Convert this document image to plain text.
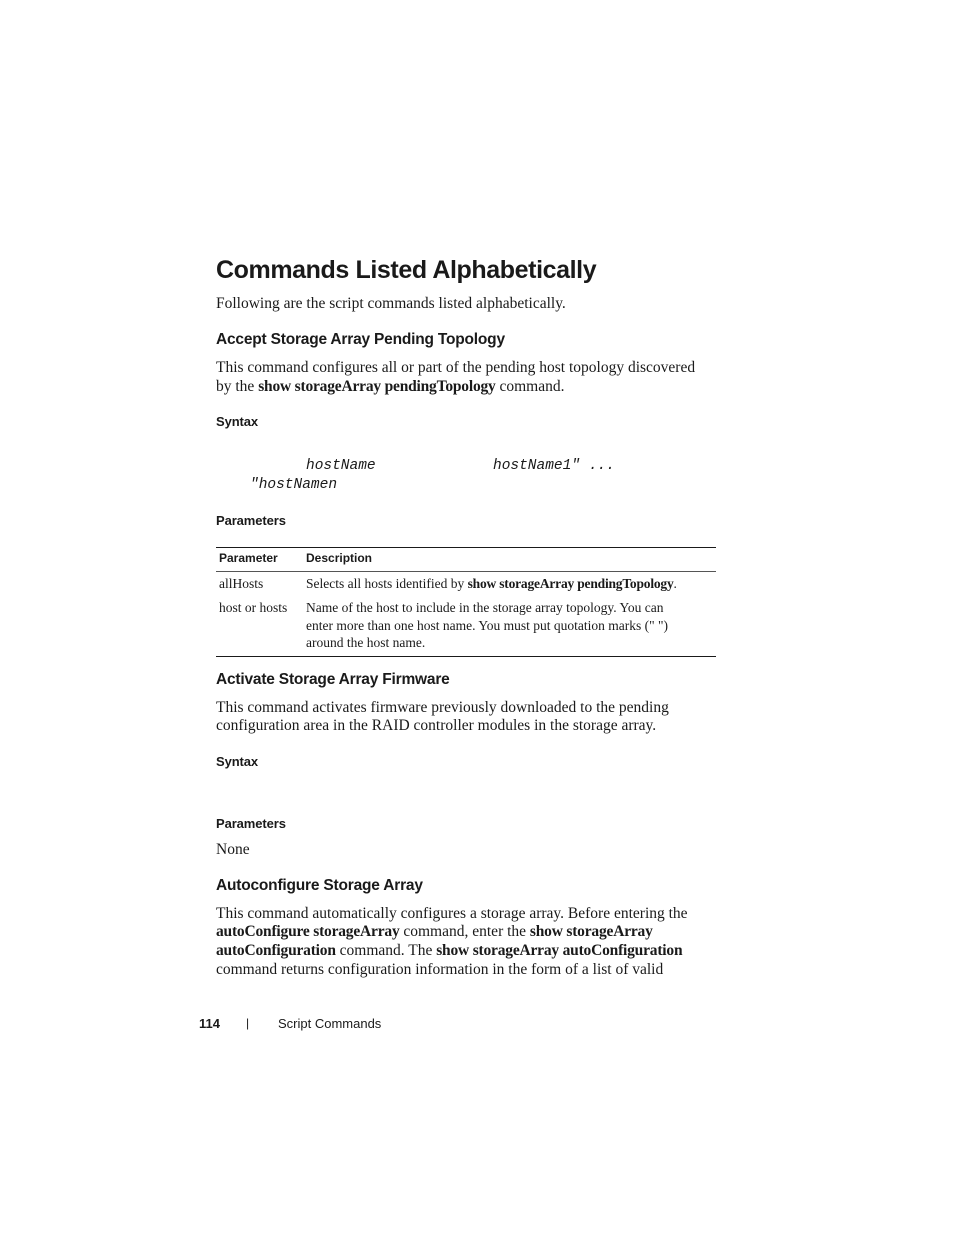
Commands Listed Alphabetically
Following are the script commands listed alphabetically.
Accept Storage Array Pending Topology
This command configures all or part of the pending host topology discovered
by the show storageArray pendingTopology command.
Syntax
hostName	hostName1" ...
"hostNamen
Parameters
Parameter Description
allHosts	Selects all hosts identified by show storageArray pendingTopology.
host or hosts Name of the host to include in the storage array topology. You can
enter more than one host name. You must put quotation marks (" ")
around the host name.
Activate Storage Array Firmware
This command activates firmware previously downloaded to the pending
configuration area in the RAID controller modules in the storage array.
Syntax
Parameters
None
Autoconfigure Storage Array
This command automatically configures a storage array. Before entering the
autoConfigure storageArray command, enter the show storageArray
autoConfiguration command. The show storageArray autoConfiguration
command returns configuration information in the form of a list of valid
114 | Script Commands
